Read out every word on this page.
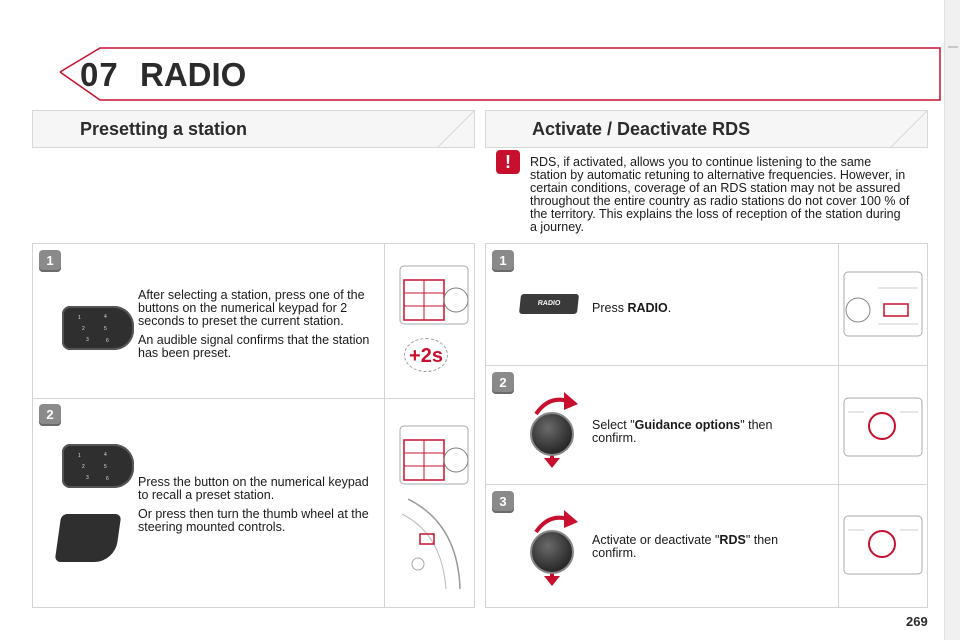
07 RADIO
Presetting a station	Activate / Deactivate RDS
!	RDS, if activated, allows you to continue listening to the same station by automatic retuning to alternative frequencies. However, in certain conditions, coverage of an RDS station may not be assured throughout the entire country as radio stations do not cover 100 % of the territory. This explains the loss of reception of the station during a journey.
1
1	4
2	5
3	6

After selecting a station, press one of the buttons on the numerical keypad for 2 seconds to preset the current station.

An audible signal confirms that the station has been preset.	+2s
2
1	4
2	5
3	6 Press the button on the numerical keypad to recall a preset station.

Or press then turn the thumb wheel at the steering mounted controls.

1
RADIO	Press RADIO.
2
Select "Guidance options" then confirm.
3
Activate or deactivate "RDS" then confirm.
269
